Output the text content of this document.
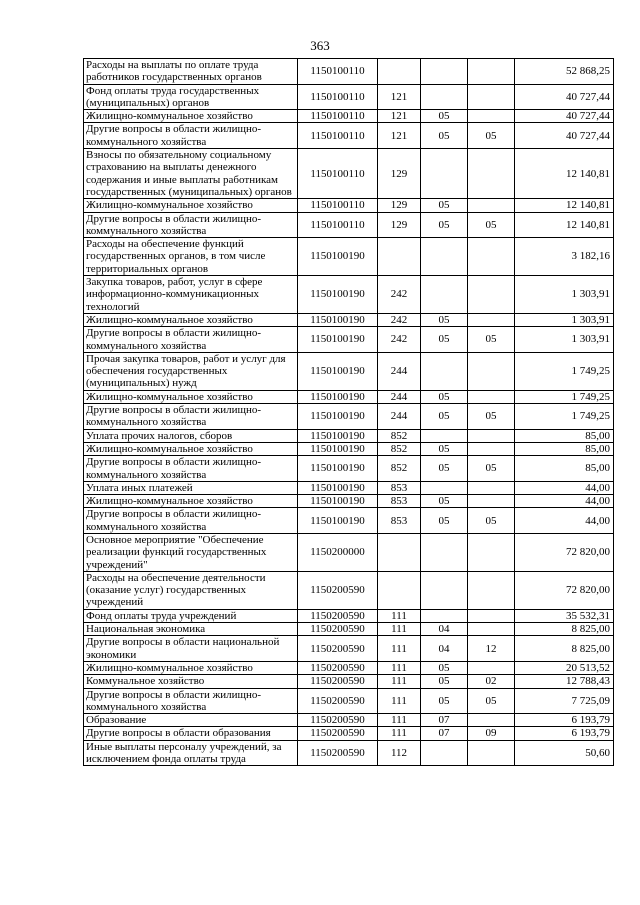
363
Расходы на выплаты по оплате труда работников государственных органов	1150100110				52 868,25
Фонд оплаты труда государственных (муниципальных) органов	1150100110	121			40 727,44
Жилищно-коммунальное хозяйство	1150100110	121	05		40 727,44
Другие вопросы в области жилищно-коммунального хозяйства	1150100110	121	05	05	40 727,44
Взносы по обязательному социальному страхованию на выплаты денежного содержания и иные выплаты работникам государственных (муниципальных) органов	1150100110	129			12 140,81
Жилищно-коммунальное хозяйство	1150100110	129	05		12 140,81
Другие вопросы в области жилищно-коммунального хозяйства	1150100110	129	05	05	12 140,81
Расходы на обеспечение функций государственных органов, в том числе территориальных органов	1150100190				3 182,16
Закупка товаров, работ, услуг в сфере информационно-коммуникационных технологий	1150100190	242			1 303,91
Жилищно-коммунальное хозяйство	1150100190	242	05		1 303,91
Другие вопросы в области жилищно-коммунального хозяйства	1150100190	242	05	05	1 303,91
Прочая закупка товаров, работ и услуг для обеспечения государственных (муниципальных) нужд	1150100190	244			1 749,25
Жилищно-коммунальное хозяйство	1150100190	244	05		1 749,25
Другие вопросы в области жилищно-коммунального хозяйства	1150100190	244	05	05	1 749,25
Уплата прочих налогов, сборов	1150100190	852			85,00
Жилищно-коммунальное хозяйство	1150100190	852	05		85,00
Другие вопросы в области жилищно-коммунального хозяйства	1150100190	852	05	05	85,00
Уплата иных платежей	1150100190	853			44,00
Жилищно-коммунальное хозяйство	1150100190	853	05		44,00
Другие вопросы в области жилищно-коммунального хозяйства	1150100190	853	05	05	44,00
Основное мероприятие "Обеспечение реализации функций государственных учреждений"	1150200000				72 820,00
Расходы на обеспечение деятельности (оказание услуг) государственных учреждений	1150200590				72 820,00
Фонд оплаты труда учреждений	1150200590	111			35 532,31
Национальная экономика	1150200590	111	04		8 825,00
Другие вопросы в области национальной экономики	1150200590	111	04	12	8 825,00
Жилищно-коммунальное хозяйство	1150200590	111	05		20 513,52
Коммунальное хозяйство	1150200590	111	05	02	12 788,43
Другие вопросы в области жилищно-коммунального хозяйства	1150200590	111	05	05	7 725,09
Образование	1150200590	111	07		6 193,79
Другие вопросы в области образования	1150200590	111	07	09	6 193,79
Иные выплаты персоналу учреждений, за исключением фонда оплаты труда	1150200590	112			50,60
